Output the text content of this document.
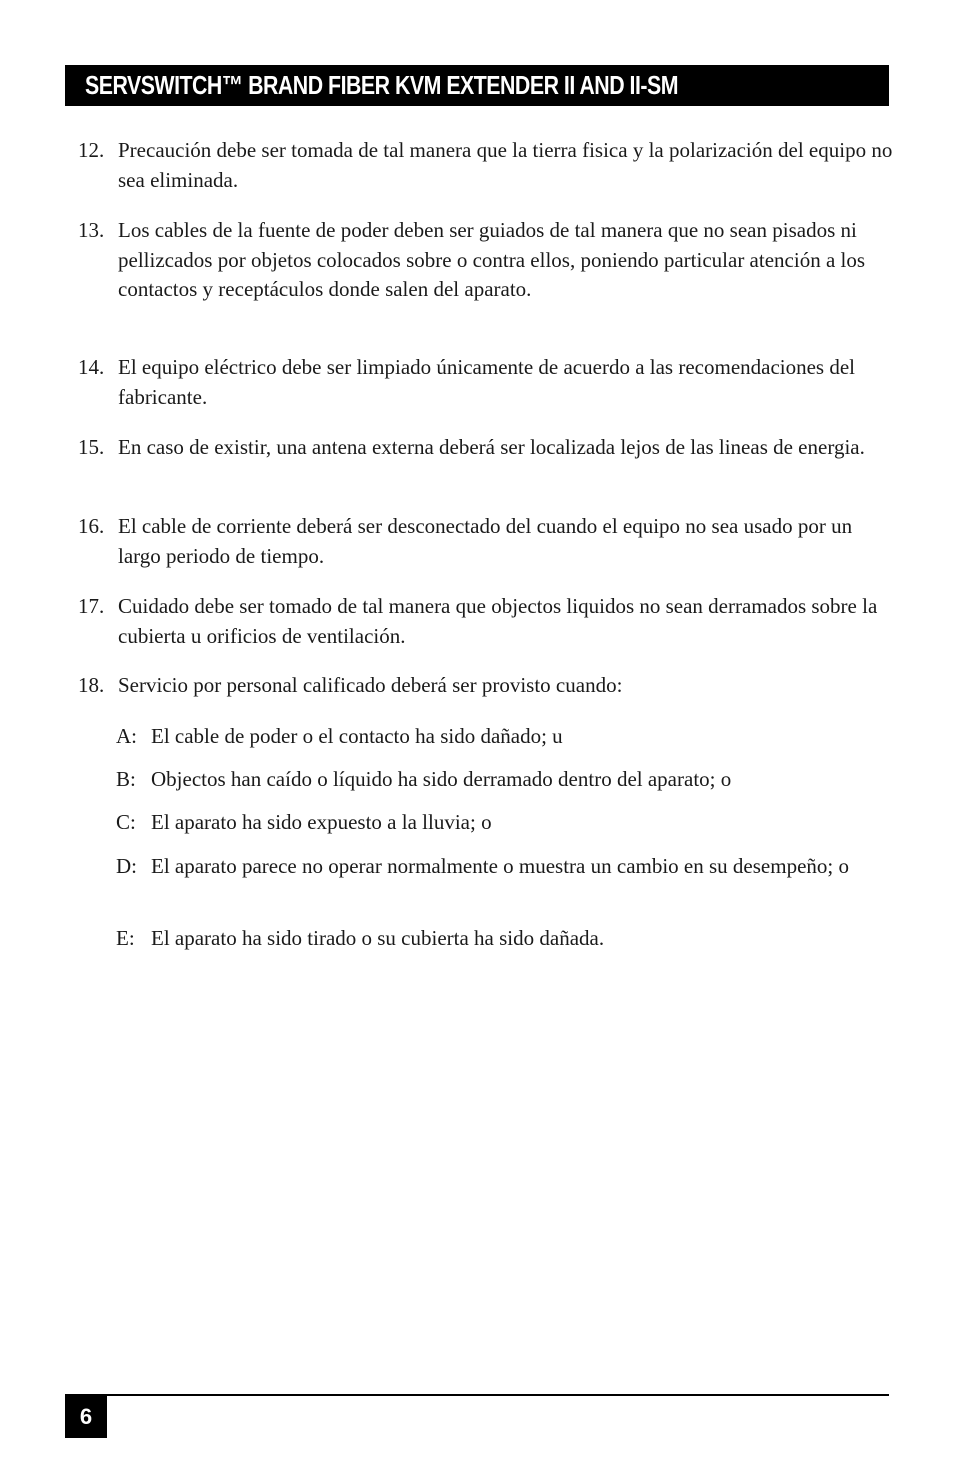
SERVSWITCH™ BRAND FIBER KVM EXTENDER II AND II-SM
12. Precaución debe ser tomada de tal manera que la tierra fisica y la polarización del equipo no sea eliminada.
13. Los cables de la fuente de poder deben ser guiados de tal manera que no sean pisados ni pellizcados por objetos colocados sobre o contra ellos, poniendo particular atención a los contactos y receptáculos donde salen del aparato.
14. El equipo eléctrico debe ser limpiado únicamente de acuerdo a las recomendaciones del fabricante.
15. En caso de existir, una antena externa deberá ser localizada lejos de las lineas de energia.
16. El cable de corriente deberá ser desconectado del cuando el equipo no sea usado por un largo periodo de tiempo.
17. Cuidado debe ser tomado de tal manera que objectos liquidos no sean derramados sobre la cubierta u orificios de ventilación.
18. Servicio por personal calificado deberá ser provisto cuando:
A: El cable de poder o el contacto ha sido dañado; u
B: Objectos han caído o líquido ha sido derramado dentro del aparato; o
C: El aparato ha sido expuesto a la lluvia; o
D: El aparato parece no operar normalmente o muestra un cambio en su desempeño; o
E: El aparato ha sido tirado o su cubierta ha sido dañada.
6
